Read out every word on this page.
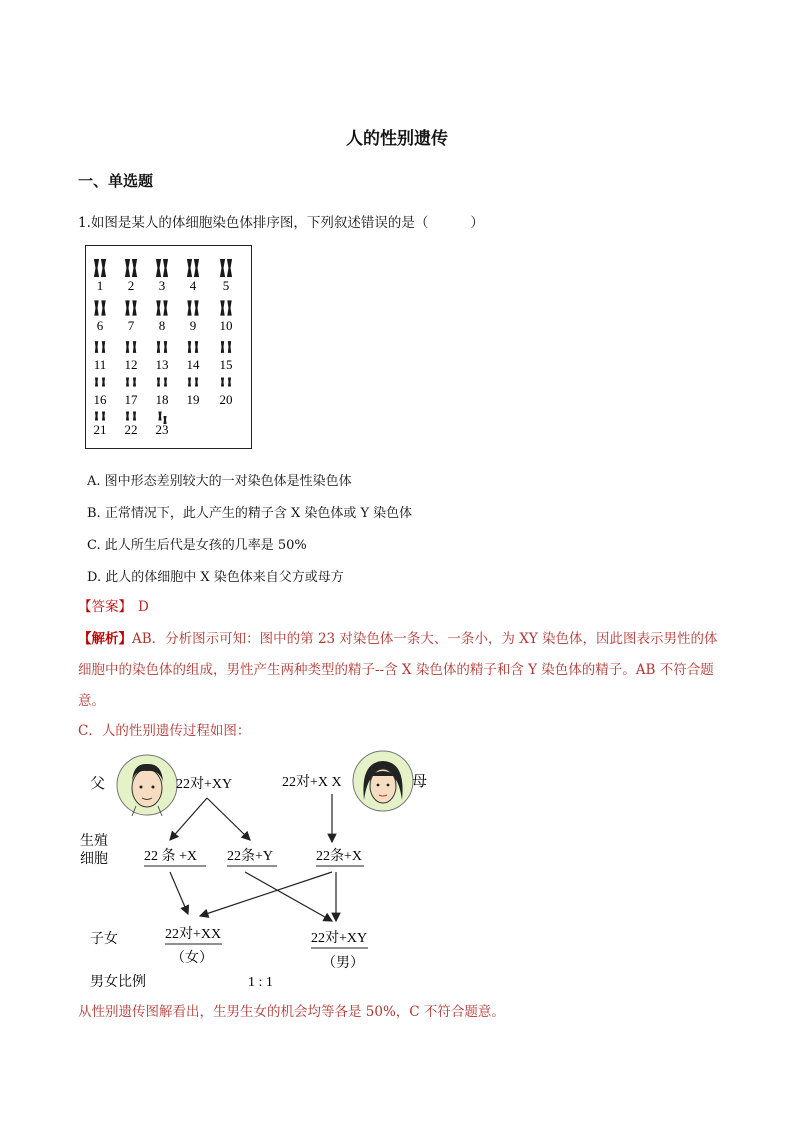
人的性别遗传
一、单选题
1.如图是某人的体细胞染色体排序图，下列叙述错误的是（	）
1 2 3 4 5
6 7 8 9 10
11 12 13 14 15
16 17 18 19 20
21 22 23
A. 图中形态差别较大的一对染色体是性染色体
B. 正常情况下，此人产生的精子含 X 染色体或 Y 染色体
C. 此人所生后代是女孩的几率是 50%
D. 此人的体细胞中 X 染色体来自父方或母方
【答案】 D
【解析】AB．分析图示可知：图中的第 23 对染色体一条大、一条小，为 XY 染色体，因此图表示男性的体细胞中的染色体的组成，男性产生两种类型的精子--含 X 染色体的精子和含 Y 染色体的精子。AB 不符合题意。
C．人的性别遗传过程如图：
父	母
22对+XY	22对+X X
生殖
细胞	22 条 +X 22条+Y	22条+X
子女	22对+XX
（女）
22对+XY
（男）
男女比例	1 : 1
从性别遗传图解看出，生男生女的机会均等各是 50%，C 不符合题意。
